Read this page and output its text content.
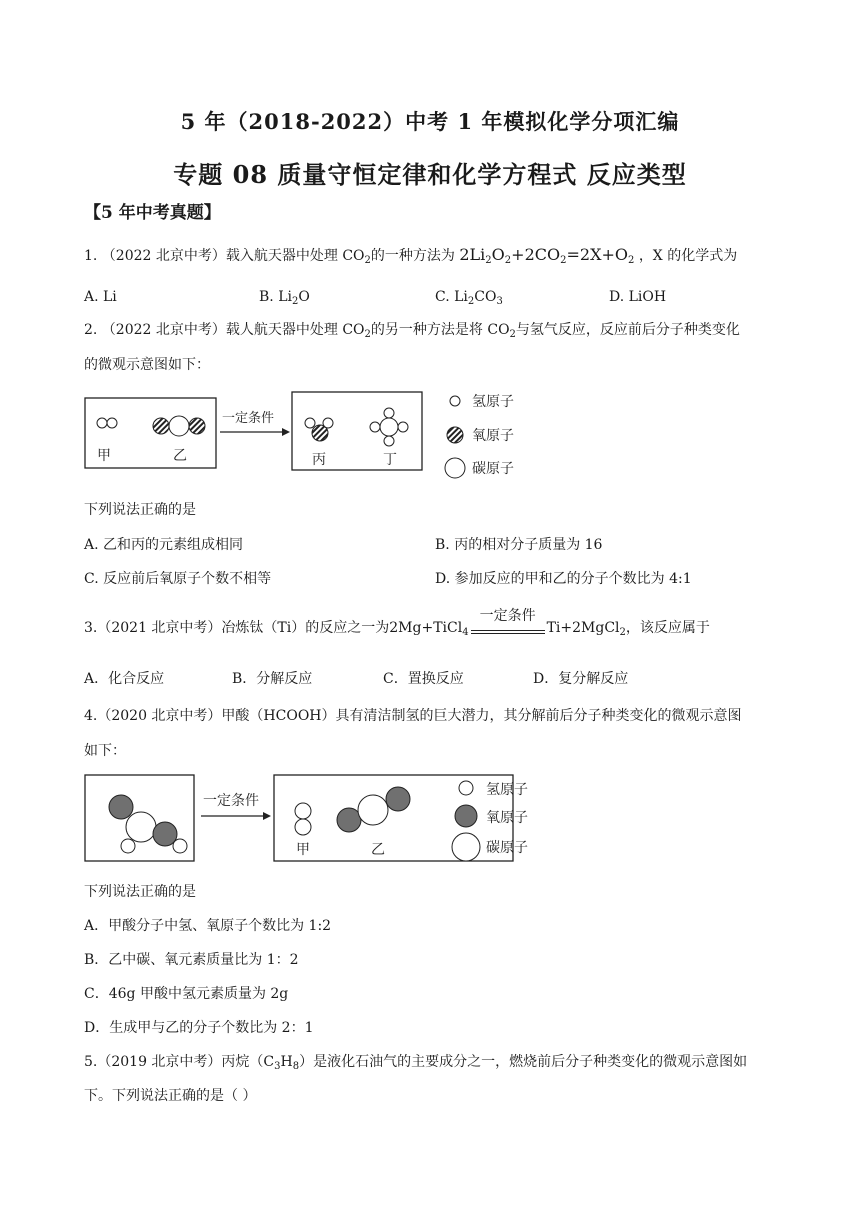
5 年（2018-2022）中考 1 年模拟化学分项汇编
专题 08 质量守恒定律和化学方程式 反应类型
【5 年中考真题】
1. （2022 北京中考）载入航天器中处理 $CO_2$的一种方法为 $2Li_2O_2+2CO_2=2X+O_2$ ，X 的化学式为
A. Li	B. $Li_2O$	C. $Li_2CO_3$	D. LiOH
2. （2022 北京中考）载人航天器中处理 $CO_2$的另一种方法是将 $CO_2$与氢气反应，反应前后分子种类变化
的微观示意图如下：
甲	乙
一定条件
丙	丁
氢原子
氧原子
碳原子
下列说法正确的是
A. 乙和丙的元素组成相同	B. 丙的相对分子质量为 16
C. 反应前后氧原子个数不相等	D. 参加反应的甲和乙的分子个数比为 4:1
3.（2021 北京中考）冶炼钛（Ti）的反应之一为2Mg+TiCl$_4$
一定条件
Ti+2MgCl$_2$，该反应属于
A．化合反应	B．分解反应	C．置换反应	D．复分解反应
4.（2020 北京中考）甲酸（HCOOH）具有清洁制氢的巨大潜力，其分解前后分子种类变化的微观示意图
如下：
一定条件
甲	乙
氢原子
氧原子
碳原子
下列说法正确的是
A．甲酸分子中氢、氧原子个数比为 1:2
B．乙中碳、氧元素质量比为 1：2
C．46g 甲酸中氢元素质量为 2g
D．生成甲与乙的分子个数比为 2：1
5.（2019 北京中考）丙烷$(C_3H_8)$是液化石油气的主要成分之一，燃烧前后分子种类变化的微观示意图如
下。下列说法正确的是（ ）
